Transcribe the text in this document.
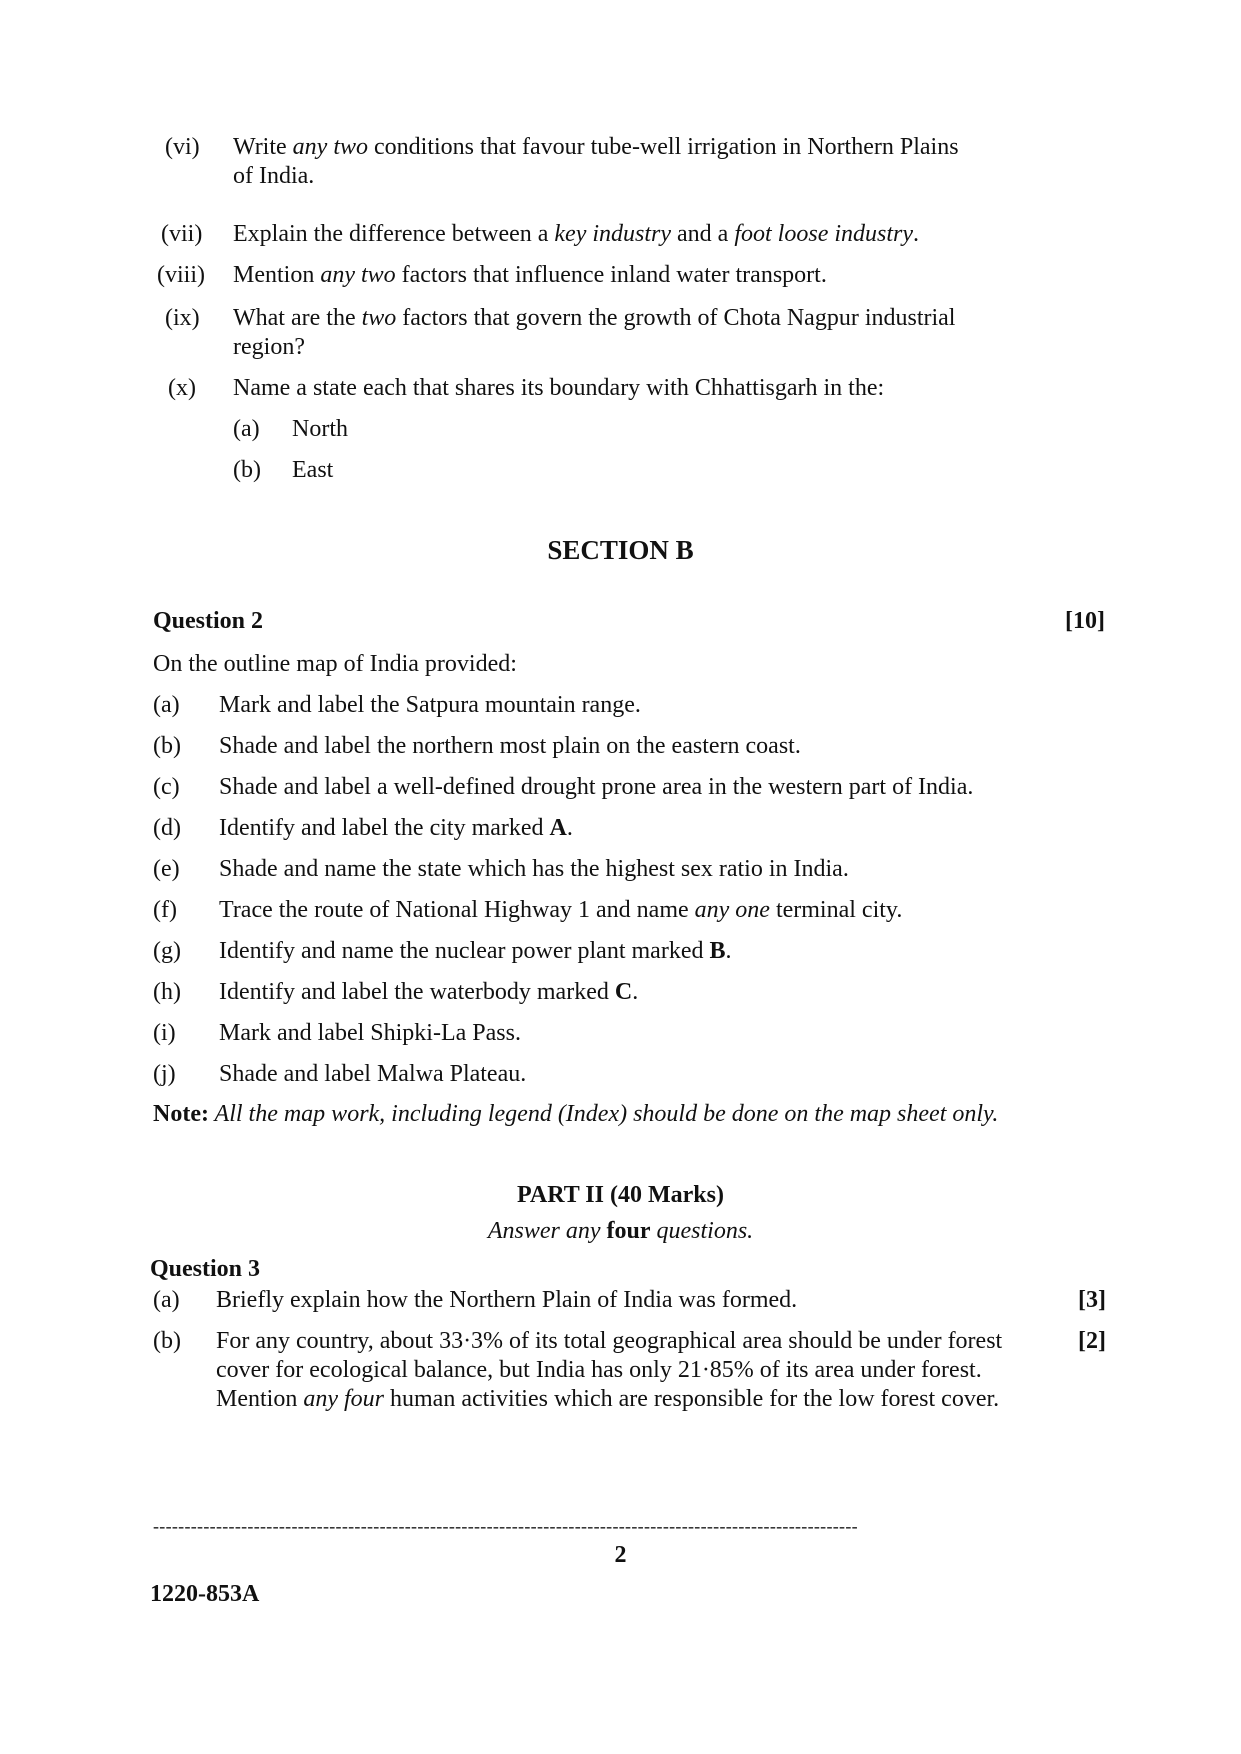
(vi) Write any two conditions that favour tube-well irrigation in Northern Plains
of India.
(vii) Explain the difference between a key industry and a foot loose industry.
(viii) Mention any two factors that influence inland water transport.
(ix) What are the two factors that govern the growth of Chota Nagpur industrial
region?
(x) Name a state each that shares its boundary with Chhattisgarh in the:
(a) North
(b) East
SECTION B
Question 2	[10]
On the outline map of India provided:
(a) Mark and label the Satpura mountain range.
(b) Shade and label the northern most plain on the eastern coast.
(c) Shade and label a well-defined drought prone area in the western part of India.
(d) Identify and label the city marked A.
(e) Shade and name the state which has the highest sex ratio in India.
(f) Trace the route of National Highway 1 and name any one terminal city.
(g) Identify and name the nuclear power plant marked B.
(h) Identify and label the waterbody marked C.
(i) Mark and label Shipki-La Pass.
(j) Shade and label Malwa Plateau.
Note: All the map work, including legend (Index) should be done on the map sheet only.
PART II (40 Marks)
Answer any four questions.
Question 3
(a) Briefly explain how the Northern Plain of India was formed.	[3]
(b) For any country, about 33·3% of its total geographical area should be under forest
cover for ecological balance, but India has only 21·85% of its area under forest.
Mention any four human activities which are responsible for the low forest cover.
[2]
----------------------------------------------------------------------------------------------------------------
2
1220-853A
